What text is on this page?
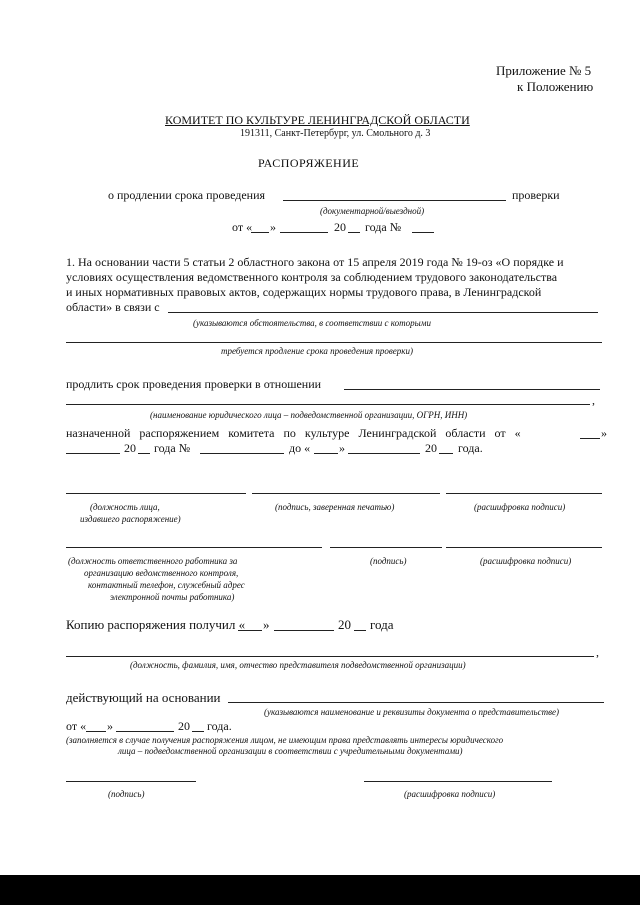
Приложение № 5
к Положению
КОМИТЕТ ПО КУЛЬТУРЕ ЛЕНИНГРАДСКОЙ ОБЛАСТИ
191311, Санкт-Петербург, ул. Смольного д. 3
РАСПОРЯЖЕНИЕ
о продлении срока проведения	проверки
(документарной/выездной)
от « »	20 года №
1. На основании части 5 статьи 2 областного закона от 15 апреля 2019 года № 19-оз «О порядке и
условиях осуществления ведомственного контроля за соблюдением трудового законодательства
и иных нормативных правовых актов, содержащих нормы трудового права, в Ленинградской
области» в связи с
(указываются обстоятельства, в соответствии с которыми
требуется продление срока проведения проверки)
продлить срок проведения проверки в отношении
,
(наименование юридического лица – подведомственной организации, ОГРН, ИНН)
назначенной распоряжением комитета по культуре Ленинградской области от «	»
20 года №	до « »	20 года.
(должность лица,
издавшего распоряжение)
(подпись, заверенная печатью)	(расшифровка подписи)
(должность ответственного работника за
организацию ведомственного контроля,
контактный телефон, служебный адрес
электронной почты работника)
(подпись)	(расшифровка подписи)
Копию распоряжения получил « »	20 года
,
(должность, фамилия, имя, отчество представителя подведомственной организации)
действующий на основании
(указываются наименование и реквизиты документа о представительстве)
от « »	20 года.
(заполняется в случае получения распоряжения лицом, не имеющим права представлять интересы юридического
лица – подведомственной организации в соответствии с учредительными документами)
(подпись)	(расшифровка подписи)
